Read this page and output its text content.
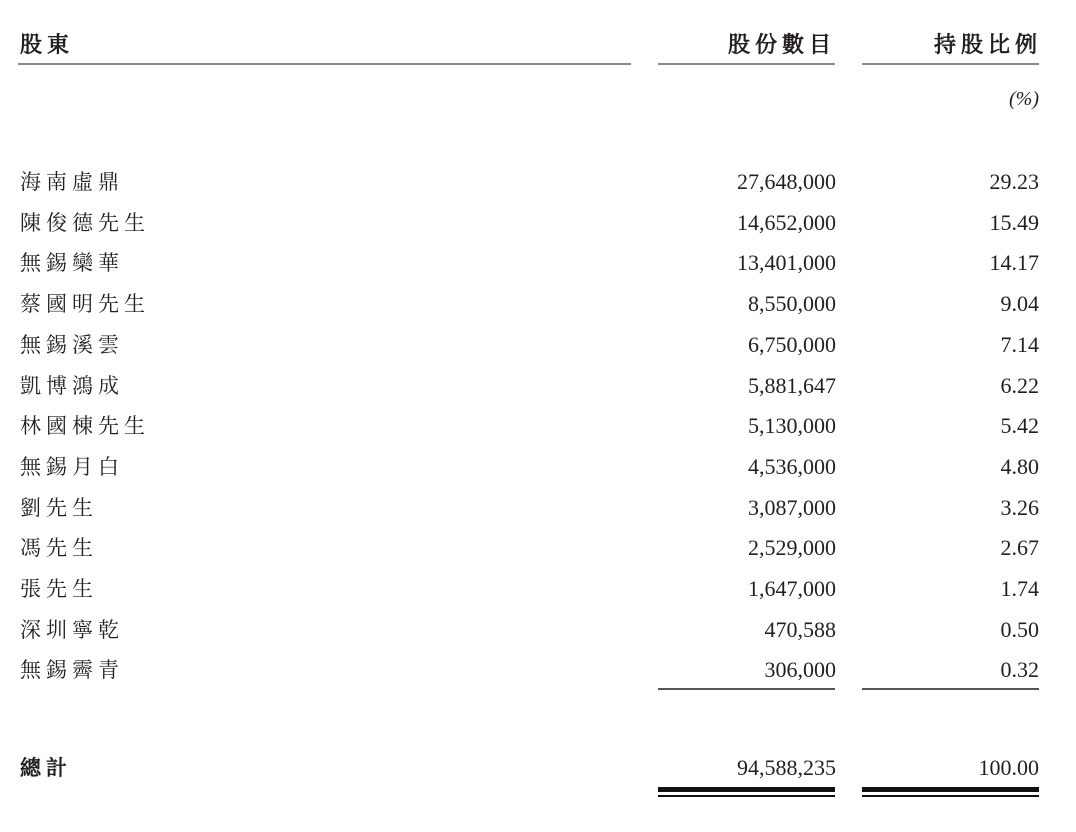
股東	股份數目	持股比例
(%)
海南虛鼎	27,648,000	29.23
陳俊德先生	14,652,000	15.49
無錫欒華	13,401,000	14.17
蔡國明先生	8,550,000	9.04
無錫溪雲	6,750,000	7.14
凱博鴻成	5,881,647	6.22
林國棟先生	5,130,000	5.42
無錫月白	4,536,000	4.80
劉先生	3,087,000	3.26
馮先生	2,529,000	2.67
張先生	1,647,000	1.74
深圳寧乾	470,588	0.50
無錫霽青	306,000	0.32
總計	94,588,235	100.00
